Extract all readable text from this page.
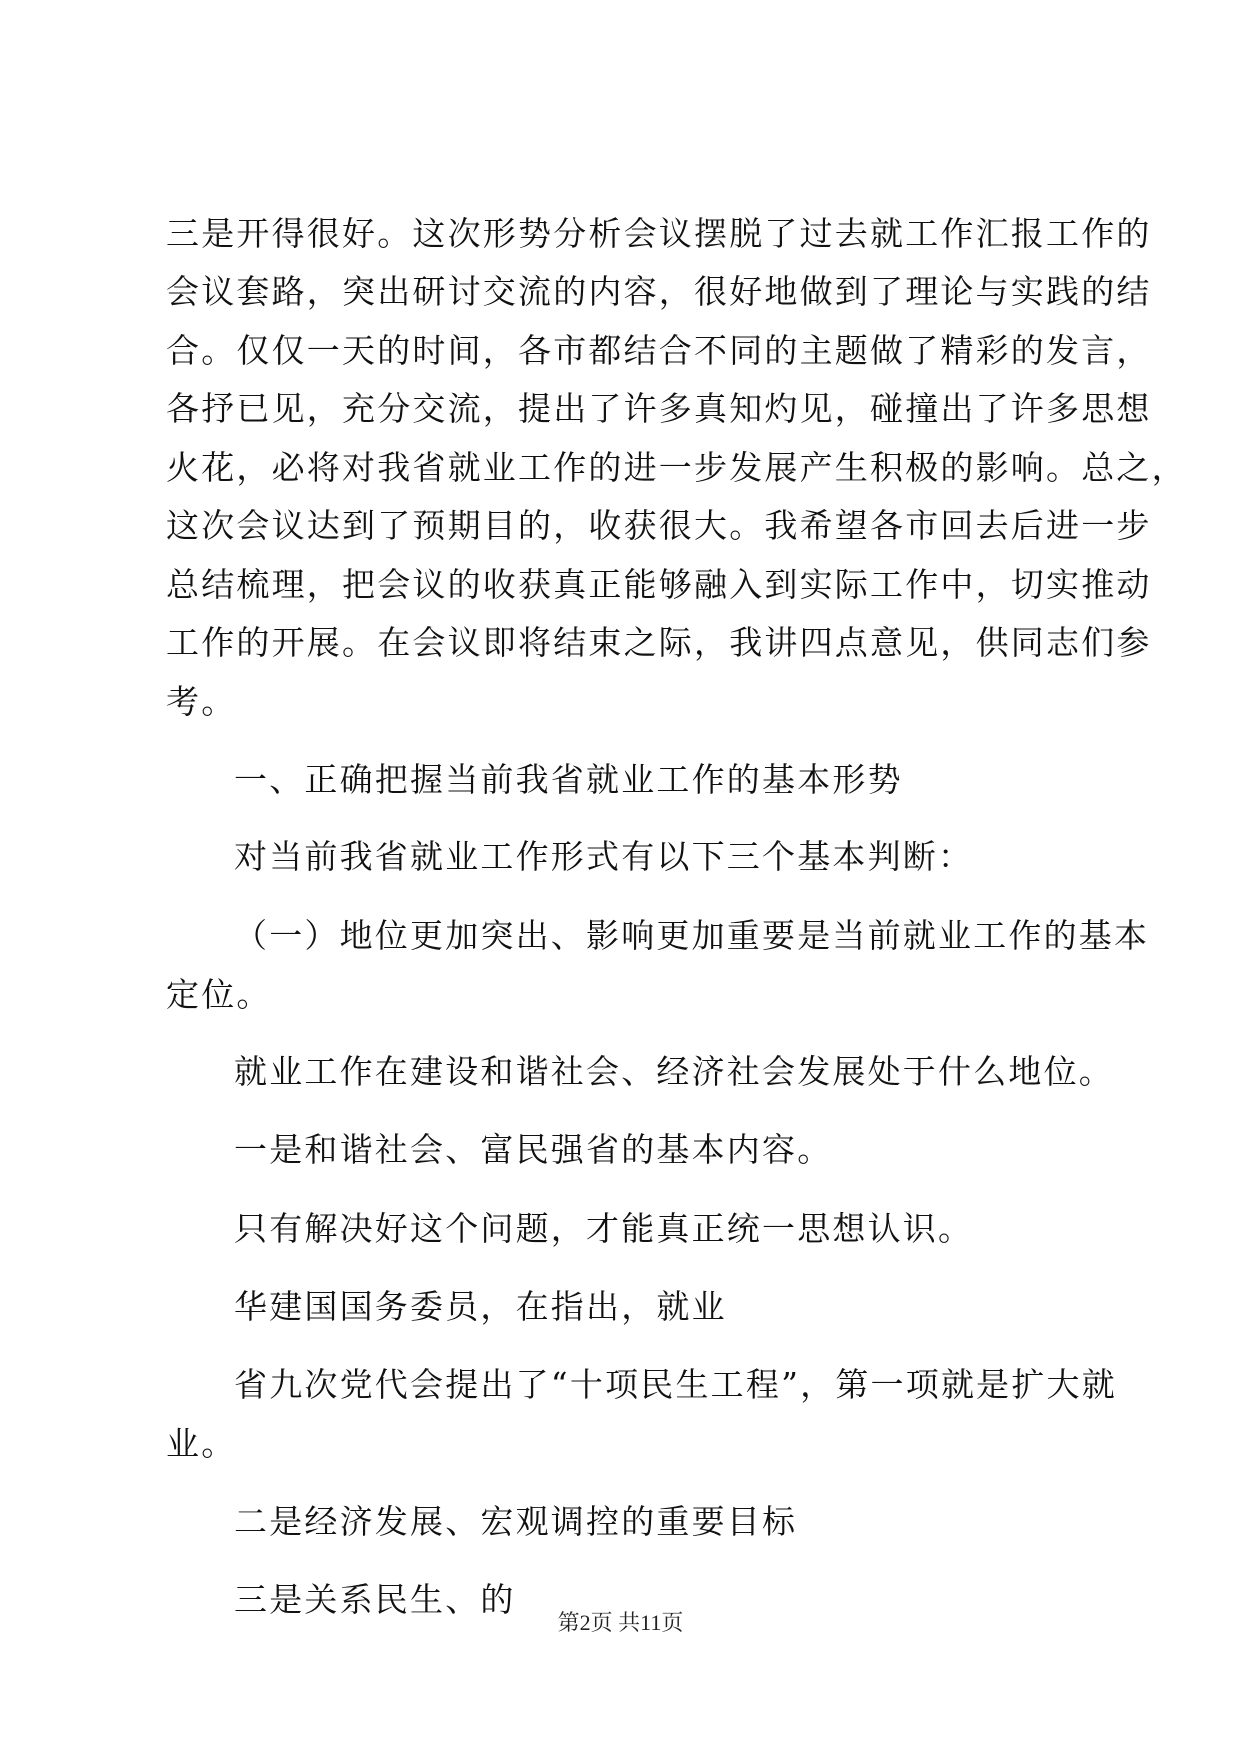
三是开得很好。这次形势分析会议摆脱了过去就工作汇报工作的
会议套路，突出研讨交流的内容，很好地做到了理论与实践的结
合。仅仅一天的时间，各市都结合不同的主题做了精彩的发言，
各抒已见，充分交流，提出了许多真知灼见，碰撞出了许多思想
火花，必将对我省就业工作的进一步发展产生积极的影响。总之，
这次会议达到了预期目的，收获很大。我希望各市回去后进一步
总结梳理，把会议的收获真正能够融入到实际工作中，切实推动
工作的开展。在会议即将结束之际，我讲四点意见，供同志们参
考。
一、正确把握当前我省就业工作的基本形势
对当前我省就业工作形式有以下三个基本判断：
（一）地位更加突出、影响更加重要是当前就业工作的基本
定位。
就业工作在建设和谐社会、经济社会发展处于什么地位。
一是和谐社会、富民强省的基本内容。
只有解决好这个问题，才能真正统一思想认识。
华建国国务委员，在指出，就业
省九次党代会提出了“十项民生工程”，第一项就是扩大就
业。
二是经济发展、宏观调控的重要目标
三是关系民生、的
第2页 共11页
